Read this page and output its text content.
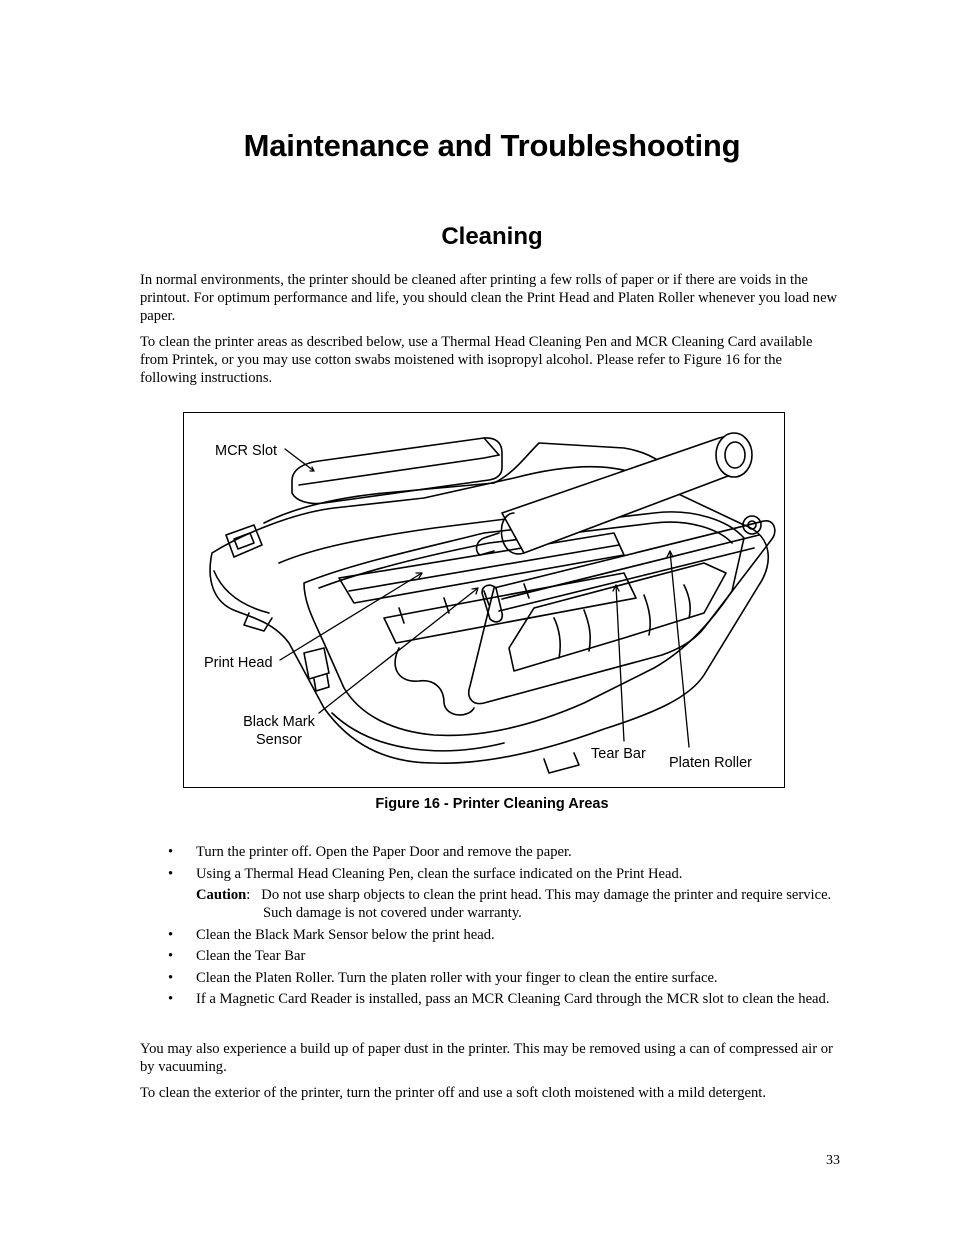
Maintenance and Troubleshooting
Cleaning

In normal environments, the printer should be cleaned after printing a few rolls of paper or if there are voids in the printout. For optimum performance and life, you should clean the Print Head and Platen Roller whenever you load new paper.

To clean the printer areas as described below, use a Thermal Head Cleaning Pen and MCR Cleaning Card available from Printek, or you may use cotton swabs moistened with isopropyl alcohol. Please refer to Figure 16 for the following instructions.

MCR Slot
Print Head
Black Mark
Sensor
Tear Bar
Platen Roller
Figure 16 - Printer Cleaning Areas
• Turn the printer off. Open the Paper Door and remove the paper.
• Using a Thermal Head Cleaning Pen, clean the surface indicated on the Print Head.
Caution: Do not use sharp objects to clean the print head. This may damage the printer and require service. Such damage is not covered under warranty.
• Clean the Black Mark Sensor below the print head.
• Clean the Tear Bar
• Clean the Platen Roller. Turn the platen roller with your finger to clean the entire surface.
• If a Magnetic Card Reader is installed, pass an MCR Cleaning Card through the MCR slot to clean the head.

You may also experience a build up of paper dust in the printer. This may be removed using a can of compressed air or by vacuuming.

To clean the exterior of the printer, turn the printer off and use a soft cloth moistened with a mild detergent.

33
